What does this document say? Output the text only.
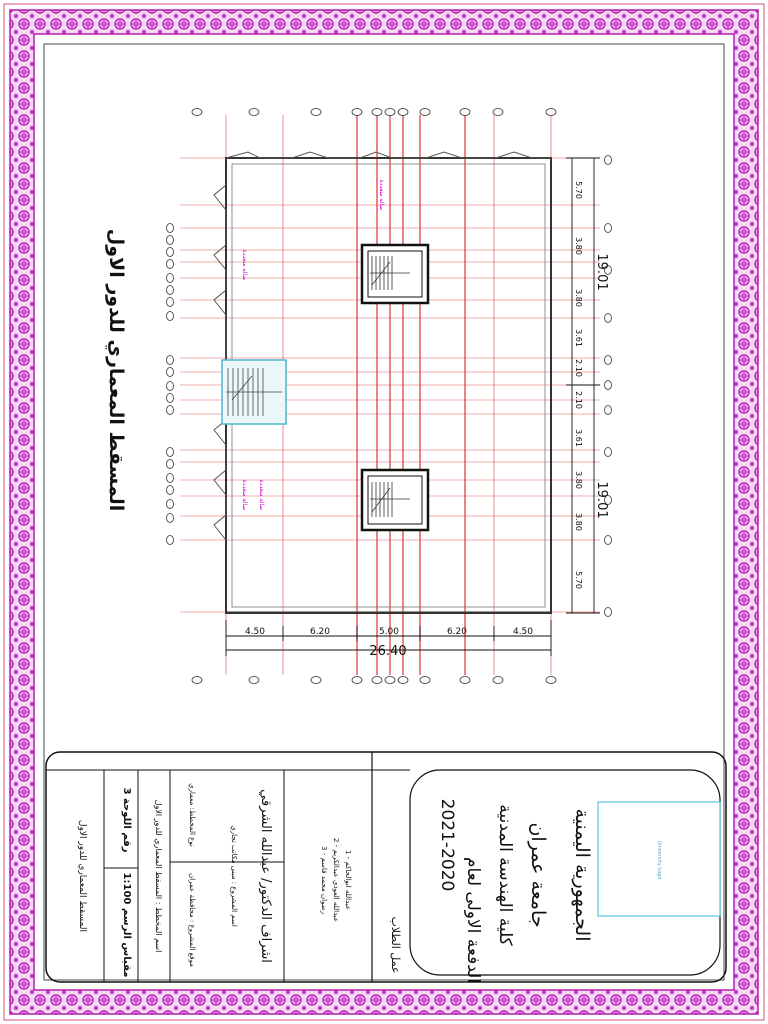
4.50	6.20	5.00	6.20	4.50
26.40
5.70
3.80
3.80
3.61
2.10
2.10
3.61
3.80
3.80
5.70
19.01
19.01
صالة متعددة
صالة متعددة
صالة متعددة صالة متعددة
المسقط المعماري للدور الاول
الجمهورية اليمنية
جامعة عمران
كلية الهندسة المدنية
الدفعة الاولى لعام
2021-2020	University Logo
عمل الطلاب
1 - عبدالله ابوالحاكم
2 - عبدالله العوذي عبدالكريم
3 - رضوان محمد قاسم
اشراف الدكتور/ عبدالله الشرقي
اسم المشروع : مبنى مكاتب تجاري
نوع المخطط: معماري
موقع المشروع : محافظة عمران
اسم المخطط : المسقط المعماري للدور الاول
رقم اللوحة 3
مقياس الرسم 1:100
المسقط المعماري للدور الاول
